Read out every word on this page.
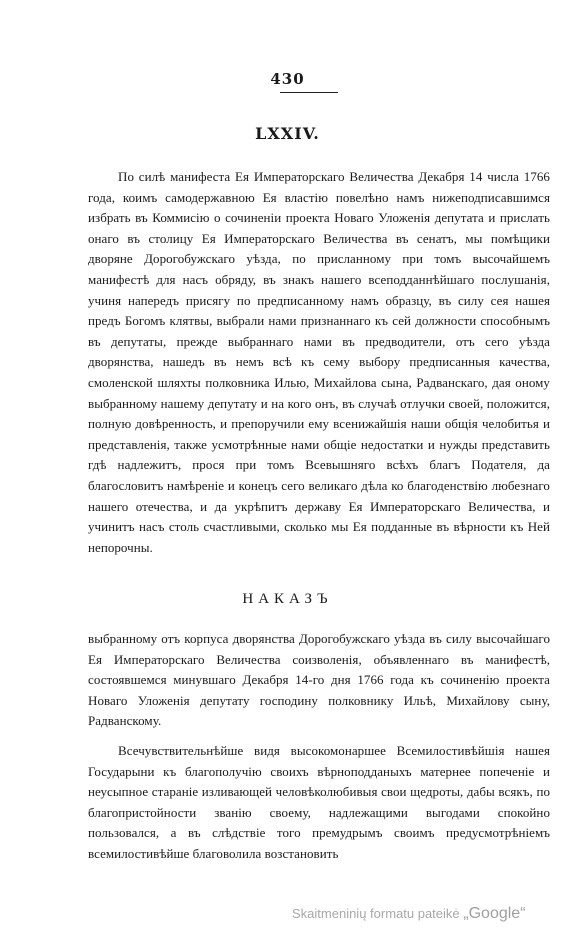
430
LXXIV.

По силѣ манифеста Ея Императорскаго Величества Декабря 14 числа 1766 года, коимъ самодержавною Ея властію повелѣно намъ нижеподписавшимся избрать въ Коммисію о сочиненіи проекта Новаго Уложенія депутата и прислать онаго въ столицу Ея Императорскаго Величества въ сенатъ, мы помѣщики дворяне Дорогобужскаго уѣзда, по присланному при томъ высочайшемъ манифестѣ для насъ обряду, въ знакъ нашего всеподданнѣйшаго послушанія, учиня напередъ присягу по предписанному намъ образцу, въ силу сея нашея предъ Богомъ клятвы, выбрали нами признаннаго къ сей должности способнымъ въ депутаты, прежде выбраннаго нами въ предводители, отъ сего уѣзда дворянства, нашедъ въ немъ всѣ къ сему выбору предписанныя качества, смоленской шляхты полковника Илью, Михайлова сына, Радванскаго, дая оному выбранному нашему депутату и на кого онъ, въ случаѣ отлучки своей, положится, полную довѣренность, и препоручили ему всенижайшія наши общія челобитья и представленія, также усмотрѣнные нами общіе недостатки и нужды представить гдѣ надлежитъ, прося при томъ Всевышняго всѣхъ благъ Подателя, да благословитъ намѣреніе и конецъ сего великаго дѣла ко благоденствію любезнаго нашего отечества, и да укрѣпитъ державу Ея Императорскаго Величества, и учинитъ насъ столь счастливыми, сколько мы Ея подданные въ вѣрности къ Ней непорочны.

НАКАЗЪ

выбранному отъ корпуса дворянства Дорогобужскаго уѣзда въ силу высочайшаго Ея Императорскаго Величества соизволенія, объявленнаго въ манифестѣ, состоявшемся минувшаго Декабря 14-го дня 1766 года къ сочиненію проекта Новаго Уложенія депутату господину полковнику Ильѣ, Михайлову сыну, Радванскому.

Всечувствительнѣйше видя высокомонаршее Всемилостивѣйшія нашея Государыни къ благополучію своихъ вѣрноподданыхъ матернее попеченіе и неусыпное стараніе изливающей человѣколюбивыя свои щедроты, дабы всякъ, по благопристойности званію своему, надлежащими выгодами спокойно пользовался, а въ слѣдствіе того премудрымъ своимъ предусмотрѣніемъ всемилостивѣйше благоволила возстановить

Skaitmeninių formatu pateikė „Google“
